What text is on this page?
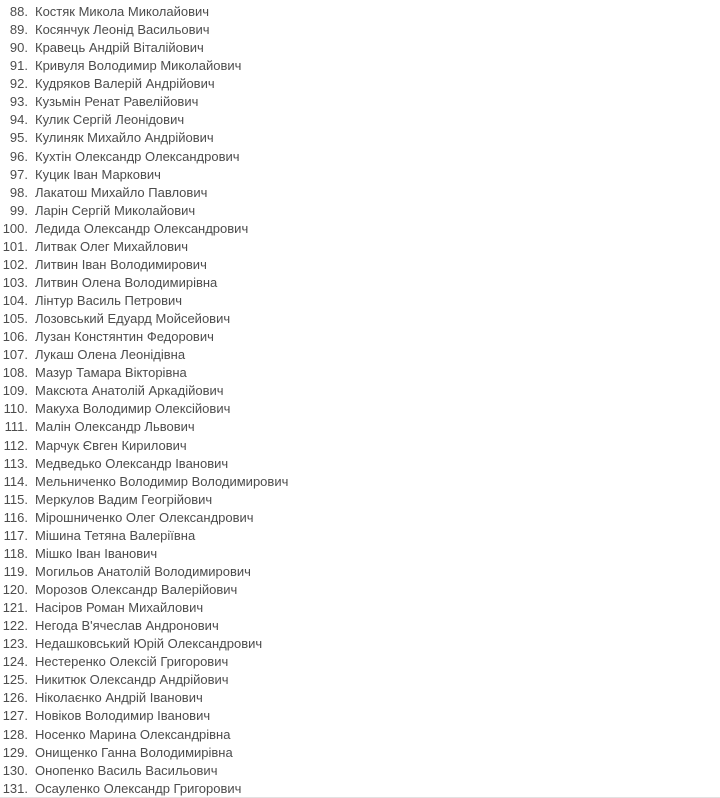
88. Костяк Микола Миколайович
89. Косянчук Леонід Васильович
90. Кравець Андрій Віталійович
91. Кривуля Володимир Миколайович
92. Кудряков Валерій Андрійович
93. Кузьмін Ренат Равелійович
94. Кулик Сергій Леонідович
95. Кулиняк Михайло Андрійович
96. Кухтін Олександр Олександрович
97. Куцик Іван Маркович
98. Лакатош Михайло Павлович
99. Ларін Сергій Миколайович
100. Ледида Олександр Олександрович
101. Литвак Олег Михайлович
102. Литвин Іван Володимирович
103. Литвин Олена Володимирівна
104. Лінтур Василь Петрович
105. Лозовський Едуард Мойсейович
106. Лузан Констянтин Федорович
107. Лукаш Олена Леонідівна
108. Мазур Тамара Вікторівна
109. Максюта Анатолій Аркадійович
110. Макуха Володимир Олексійович
111. Малін Олександр Львович
112. Марчук Євген Кирилович
113. Медведько Олександр Іванович
114. Мельниченко Володимир Володимирович
115. Меркулов Вадим Геогрійович
116. Мірошниченко Олег Олександрович
117. Мішина Тетяна Валеріївна
118. Мішко Іван Іванович
119. Могильов Анатолій Володимирович
120. Морозов Олександр Валерійович
121. Насіров Роман Михайлович
122. Негода В'ячеслав Андронович
123. Недашковський Юрій Олександрович
124. Нестеренко Олексій Григорович
125. Никитюк Олександр Андрійович
126. Ніколаєнко Андрій Іванович
127. Новіков Володимир Іванович
128. Носенко Марина Олександрівна
129. Онищенко Ганна Володимирівна
130. Онопенко Василь Васильович
131. Осауленко Олександр Григорович
